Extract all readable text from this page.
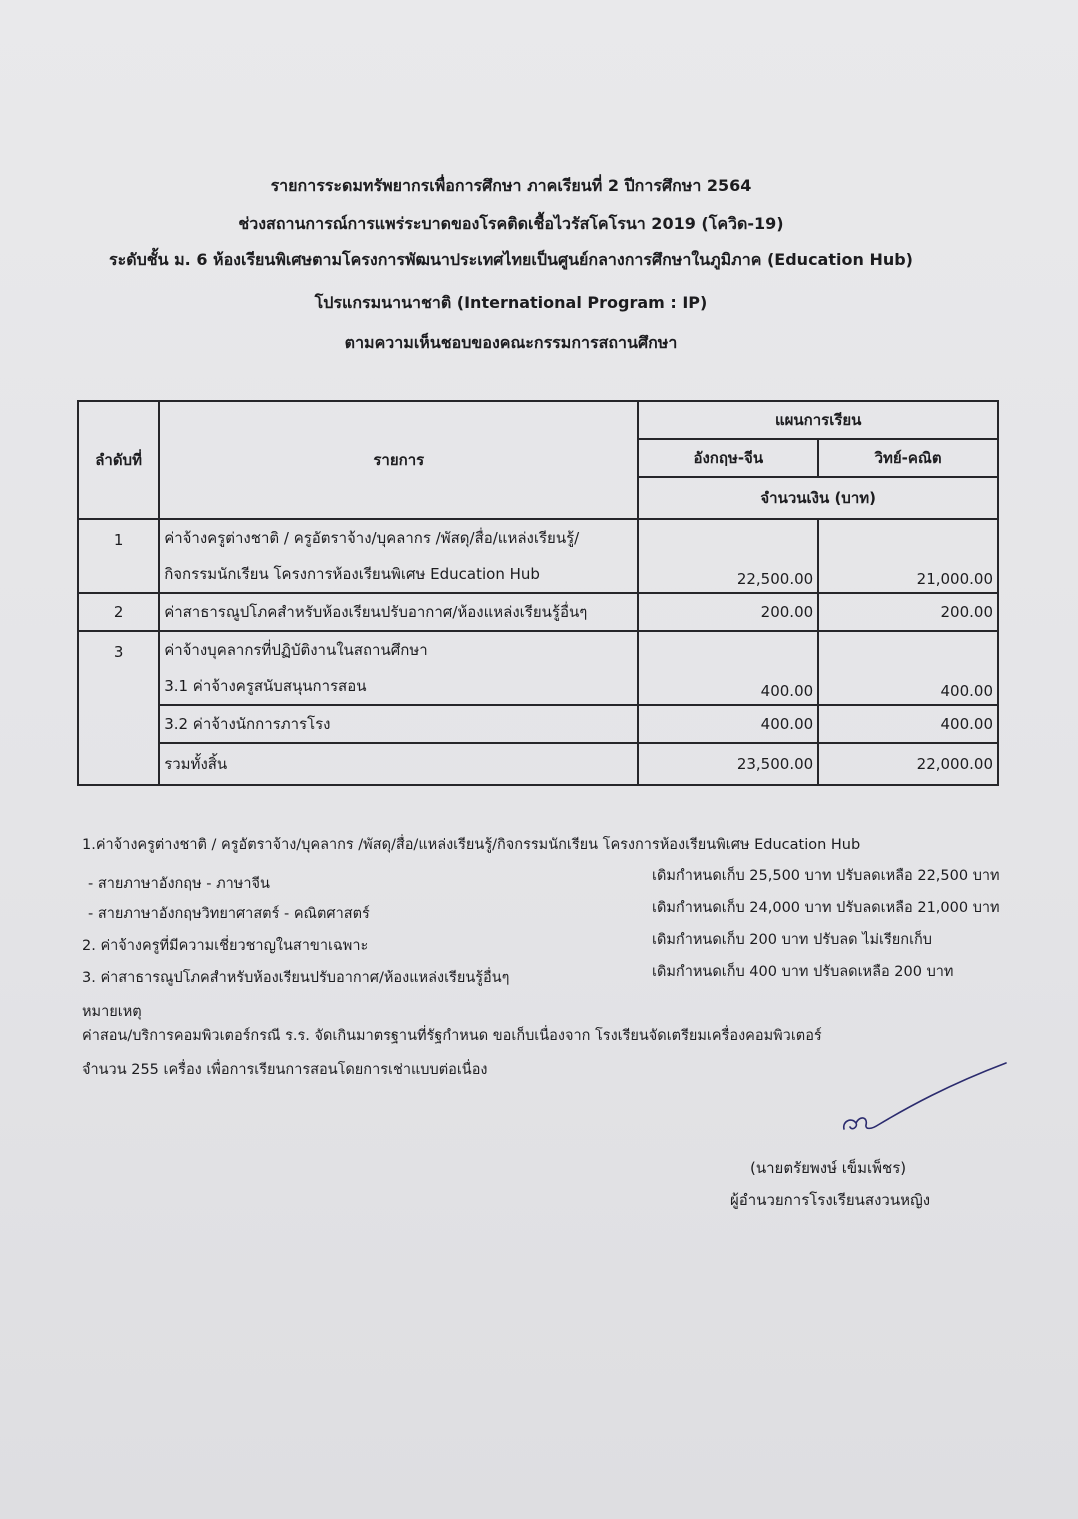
รายการระดมทรัพยากรเพื่อการศึกษา ภาคเรียนที่ 2 ปีการศึกษา 2564
ช่วงสถานการณ์การแพร่ระบาดของโรคติดเชื้อไวรัสโคโรนา 2019 (โควิด-19)
ระดับชั้น ม. 6 ห้องเรียนพิเศษตามโครงการพัฒนาประเทศไทยเป็นศูนย์กลางการศึกษาในภูมิภาค (Education Hub)
โปรแกรมนานาชาติ (International Program : IP)
ตามความเห็นชอบของคณะกรรมการสถานศึกษา
ลำดับที่	รายการ	แผนการเรียน	
		อังกฤษ-จีน	วิทย์-คณิต
		จำนวนเงิน (บาท)	

1	ค่าจ้างครูต่างชาติ / ครูอัตราจ้าง/บุคลากร /พัสดุ/สื่อ/แหล่งเรียนรู้/
กิจกรรมนักเรียน โครงการห้องเรียนพิเศษ Education Hub	22,500.00	21,000.00
2	ค่าสาธารณูปโภคสำหรับห้องเรียนปรับอากาศ/ห้องแหล่งเรียนรู้อื่นๆ	200.00	200.00

3	ค่าจ้างบุคลากรที่ปฏิบัติงานในสถานศึกษา
3.1 ค่าจ้างครูสนับสนุนการสอน	400.00	400.00

	3.2 ค่าจ้างนักการภารโรง	400.00	400.00
	รวมทั้งสิ้น	23,500.00	22,000.00
1.ค่าจ้างครูต่างชาติ / ครูอัตราจ้าง/บุคลากร /พัสดุ/สื่อ/แหล่งเรียนรู้/กิจกรรมนักเรียน โครงการห้องเรียนพิเศษ Education Hub
- สายภาษาอังกฤษ - ภาษาจีน	เดิมกำหนดเก็บ 25,500 บาท ปรับลดเหลือ 22,500 บาท
- สายภาษาอังกฤษวิทยาศาสตร์ - คณิตศาสตร์	เดิมกำหนดเก็บ 24,000 บาท ปรับลดเหลือ 21,000 บาท
2. ค่าจ้างครูที่มีความเชี่ยวชาญในสาขาเฉพาะ	เดิมกำหนดเก็บ 200 บาท ปรับลด ไม่เรียกเก็บ
3. ค่าสาธารณูปโภคสำหรับห้องเรียนปรับอากาศ/ห้องแหล่งเรียนรู้อื่นๆ	เดิมกำหนดเก็บ 400 บาท ปรับลดเหลือ 200 บาท
หมายเหตุ
ค่าสอน/บริการคอมพิวเตอร์กรณี ร.ร. จัดเกินมาตรฐานที่รัฐกำหนด ขอเก็บเนื่องจาก โรงเรียนจัดเตรียมเครื่องคอมพิวเตอร์
จำนวน 255 เครื่อง เพื่อการเรียนการสอนโดยการเช่าแบบต่อเนื่อง
(นายตรัยพงษ์ เข็มเพ็ชร)
ผู้อำนวยการโรงเรียนสงวนหญิง
